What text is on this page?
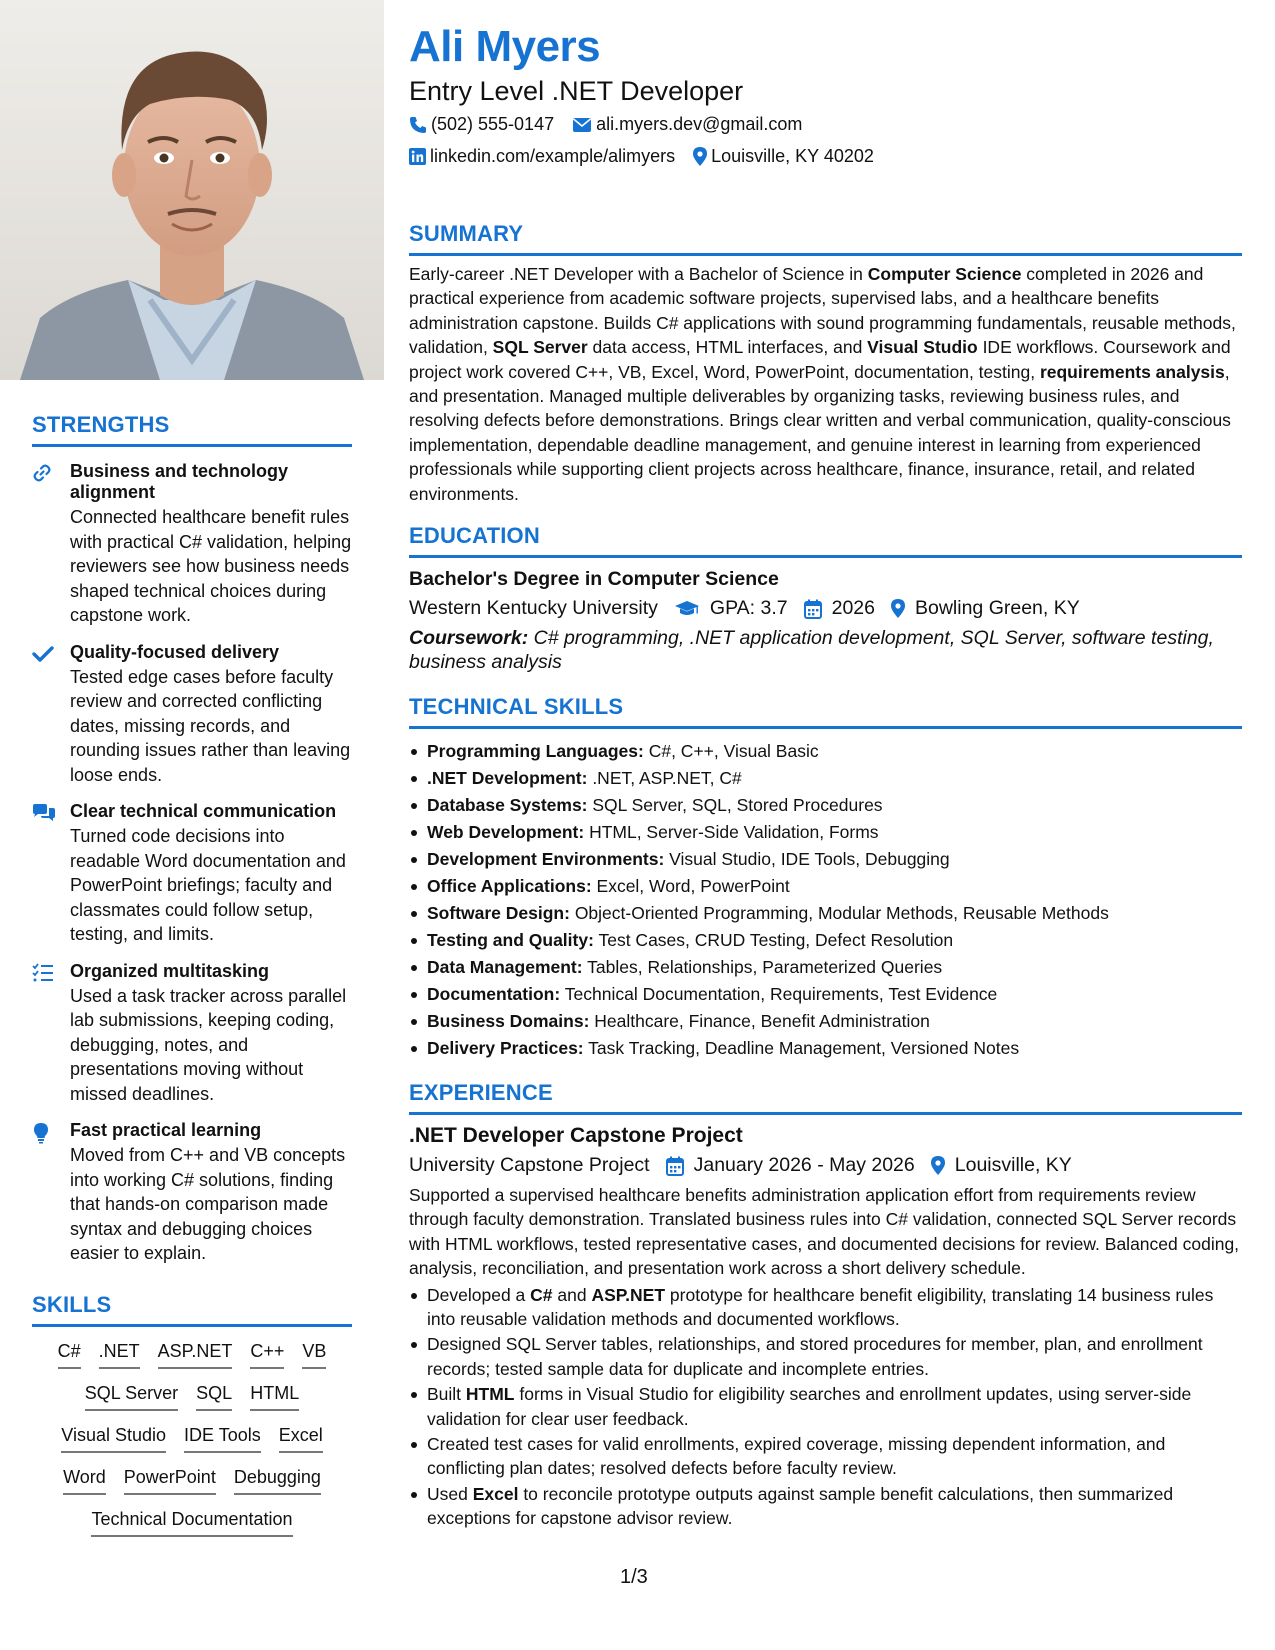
STRENGTHS
Business and technology alignment
Connected healthcare benefit rules with practical C# validation, helping reviewers see how business needs shaped technical choices during capstone work.
Quality-focused delivery
Tested edge cases before faculty review and corrected conflicting dates, missing records, and rounding issues rather than leaving loose ends.
Clear technical communication
Turned code decisions into readable Word documentation and PowerPoint briefings; faculty and classmates could follow setup, testing, and limits.
Organized multitasking
Used a task tracker across parallel lab submissions, keeping coding, debugging, notes, and presentations moving without missed deadlines.
Fast practical learning
Moved from C++ and VB concepts into working C# solutions, finding that hands-on comparison made syntax and debugging choices easier to explain.
SKILLS
C# .NET ASP.NET C++ VB
SQL Server SQL HTML
Visual Studio IDE Tools Excel
Word PowerPoint Debugging
Technical Documentation
Ali Myers
Entry Level .NET Developer
(502) 555-0147 ali.myers.dev@gmail.com
linkedin.com/example/alimyers Louisville, KY 40202
SUMMARY
Early-career .NET Developer with a Bachelor of Science in Computer Science completed in 2026 and practical experience from academic software projects, supervised labs, and a healthcare benefits administration capstone. Builds C# applications with sound programming fundamentals, reusable methods, validation, SQL Server data access, HTML interfaces, and Visual Studio IDE workflows. Coursework and project work covered C++, VB, Excel, Word, PowerPoint, documentation, testing, requirements analysis, and presentation. Managed multiple deliverables by organizing tasks, reviewing business rules, and resolving defects before demonstrations. Brings clear written and verbal communication, quality-conscious implementation, dependable deadline management, and genuine interest in learning from experienced professionals while supporting client projects across healthcare, finance, insurance, retail, and related environments.
EDUCATION
Bachelor's Degree in Computer Science
Western Kentucky University	GPA: 3.7 2026 Bowling Green, KY
Coursework: C# programming, .NET application development, SQL Server, software testing, business analysis
TECHNICAL SKILLS
Programming Languages: C#, C++, Visual Basic
.NET Development: .NET, ASP.NET, C#
Database Systems: SQL Server, SQL, Stored Procedures
Web Development: HTML, Server-Side Validation, Forms
Development Environments: Visual Studio, IDE Tools, Debugging
Office Applications: Excel, Word, PowerPoint
Software Design: Object-Oriented Programming, Modular Methods, Reusable Methods
Testing and Quality: Test Cases, CRUD Testing, Defect Resolution
Data Management: Tables, Relationships, Parameterized Queries
Documentation: Technical Documentation, Requirements, Test Evidence
Business Domains: Healthcare, Finance, Benefit Administration
Delivery Practices: Task Tracking, Deadline Management, Versioned Notes
EXPERIENCE
.NET Developer Capstone Project
University Capstone Project January 2026 - May 2026 Louisville, KY
Supported a supervised healthcare benefits administration application effort from requirements review through faculty demonstration. Translated business rules into C# validation, connected SQL Server records with HTML workflows, tested representative cases, and documented decisions for review. Balanced coding, analysis, reconciliation, and presentation work across a short delivery schedule.
Developed a C# and ASP.NET prototype for healthcare benefit eligibility, translating 14 business rules into reusable validation methods and documented workflows.
Designed SQL Server tables, relationships, and stored procedures for member, plan, and enrollment records; tested sample data for duplicate and incomplete entries.
Built HTML forms in Visual Studio for eligibility searches and enrollment updates, using server-side validation for clear user feedback.
Created test cases for valid enrollments, expired coverage, missing dependent information, and conflicting plan dates; resolved defects before faculty review.
Used Excel to reconcile prototype outputs against sample benefit calculations, then summarized exceptions for capstone advisor review.
1/3
